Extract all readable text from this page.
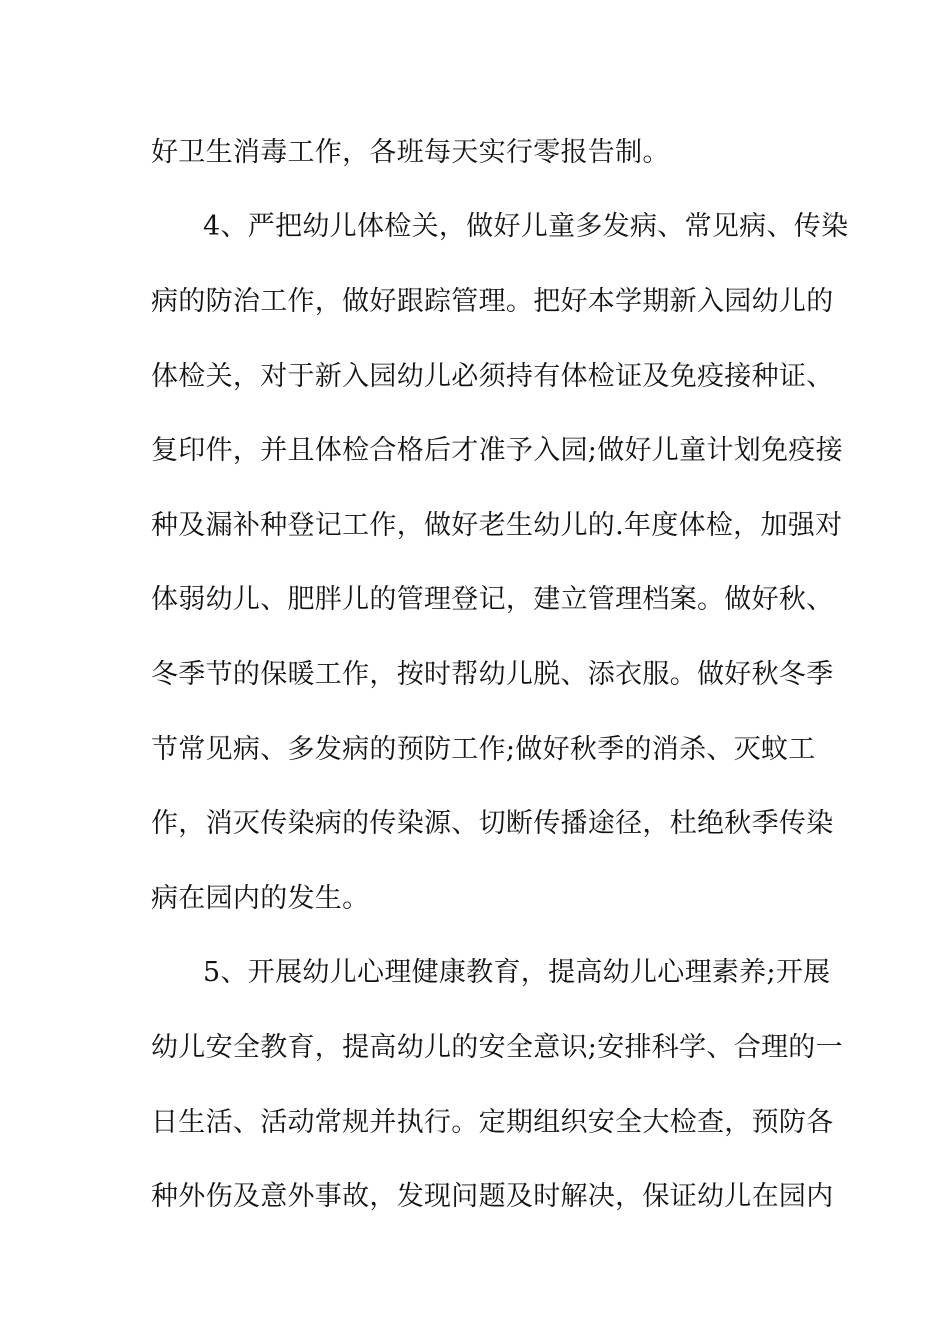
好卫生消毒工作，各班每天实行零报告制。
4、严把幼儿体检关，做好儿童多发病、常见病、传染
病的防治工作，做好跟踪管理。把好本学期新入园幼儿的
体检关，对于新入园幼儿必须持有体检证及免疫接种证、
复印件，并且体检合格后才准予入园;做好儿童计划免疫接
种及漏补种登记工作，做好老生幼儿的.年度体检，加强对
体弱幼儿、肥胖儿的管理登记，建立管理档案。做好秋、
冬季节的保暖工作，按时帮幼儿脱、添衣服。做好秋冬季
节常见病、多发病的预防工作;做好秋季的消杀、灭蚊工
作，消灭传染病的传染源、切断传播途径，杜绝秋季传染
病在园内的发生。
5、开展幼儿心理健康教育，提高幼儿心理素养;开展
幼儿安全教育，提高幼儿的安全意识;安排科学、合理的一
日生活、活动常规并执行。定期组织安全大检查，预防各
种外伤及意外事故，发现问题及时解决，保证幼儿在园内
